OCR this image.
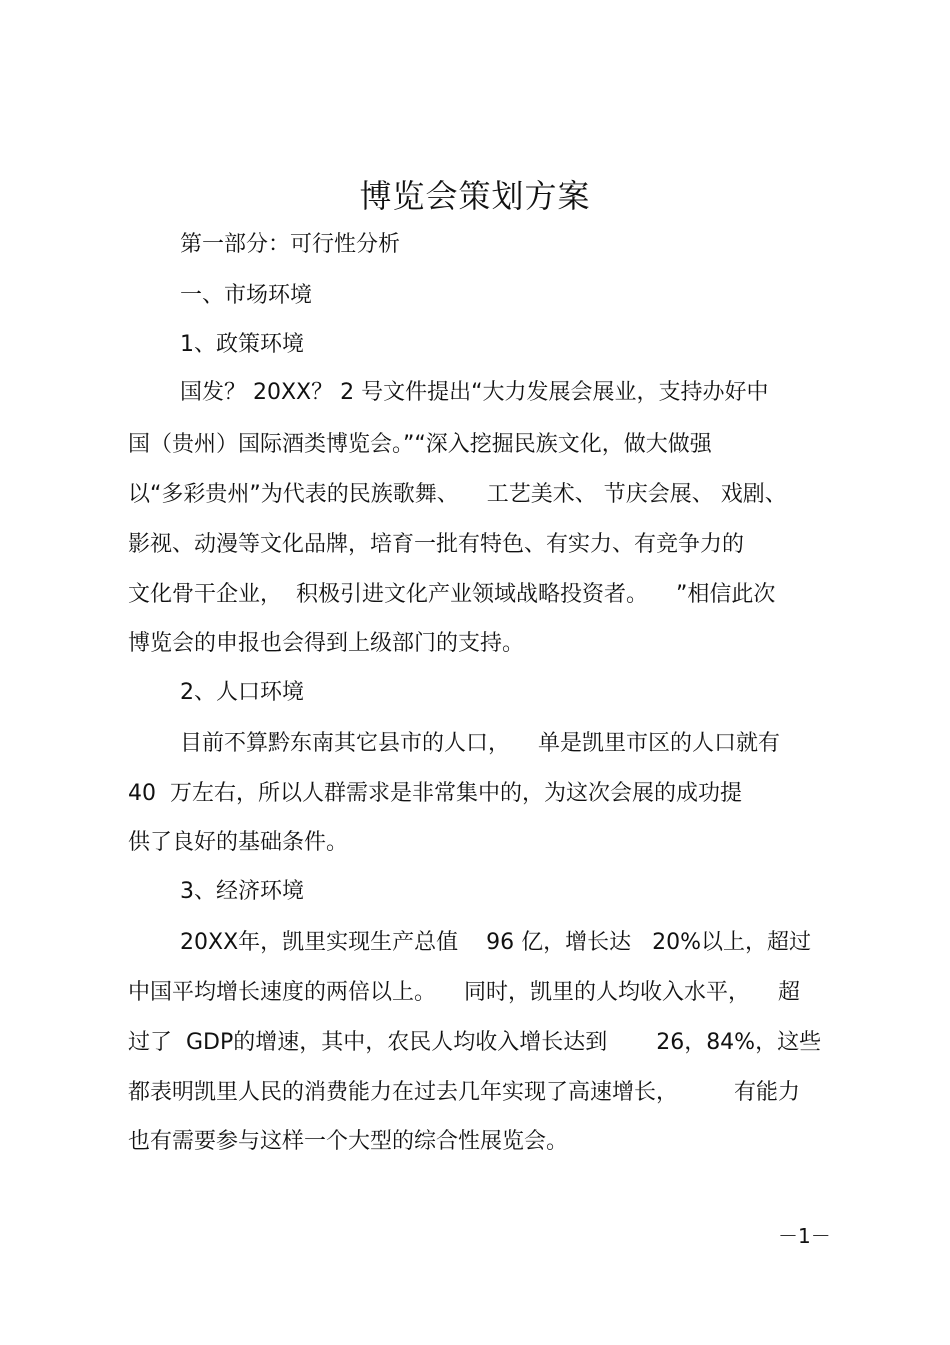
博览会策划方案
第一部分：可行性分析
一、市场环境
1、政策环境
国发？ 20XX？ 2 号文件提出“大力发展会展业，支持办好中
国（贵州）国际酒类博览会。”“深入挖掘民族文化，做大做强
以“多彩贵州”为代表的民族歌舞、    工艺美术、 节庆会展、 戏剧、
影视、动漫等文化品牌，培育一批有特色、有实力、有竞争力的
文化骨干企业，  积极引进文化产业领域战略投资者。    ”相信此次
博览会的申报也会得到上级部门的支持。
2、人口环境
目前不算黔东南其它县市的人口，    单是凯里市区的人口就有
40  万左右，所以人群需求是非常集中的，为这次会展的成功提
供了良好的基础条件。
3、经济环境
20XX年，凯里实现生产总值    96 亿，增长达   20%以上，超过
中国平均增长速度的两倍以上。    同时，凯里的人均收入水平，    超
过了  GDP的增速，其中，农民人均收入增长达到       26，84%，这些
都表明凯里人民的消费能力在过去几年实现了高速增长，        有能力
也有需要参与这样一个大型的综合性展览会。
－1－
